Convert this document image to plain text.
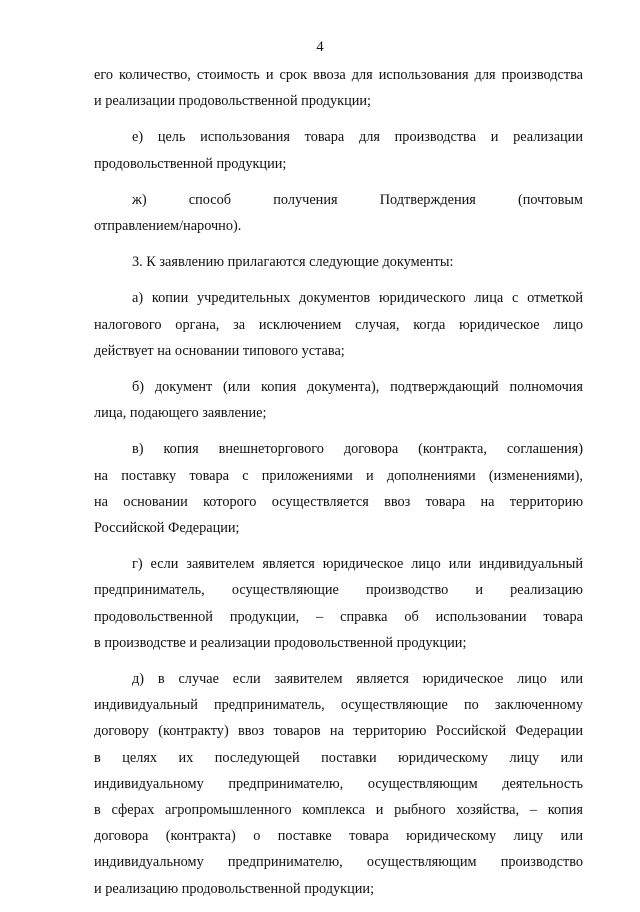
4
его количество, стоимость и срок ввоза для использования для производства
и реализации продовольственной продукции;
е) цель использования товара для производства и реализации
продовольственной продукции;
ж) способ получения Подтверждения (почтовым
отправлением/нарочно).
3. К заявлению прилагаются следующие документы:
а) копии учредительных документов юридического лица с отметкой
налогового органа, за исключением случая, когда юридическое лицо
действует на основании типового устава;
б) документ (или копия документа), подтверждающий полномочия
лица, подающего заявление;
в) копия внешнеторгового договора (контракта, соглашения)
на поставку товара с приложениями и дополнениями (изменениями),
на основании которого осуществляется ввоз товара на территорию
Российской Федерации;
г) если заявителем является юридическое лицо или индивидуальный
предприниматель, осуществляющие производство и реализацию
продовольственной продукции, – справка об использовании товара
в производстве и реализации продовольственной продукции;
д) в случае если заявителем является юридическое лицо или
индивидуальный предприниматель, осуществляющие по заключенному
договору (контракту) ввоз товаров на территорию Российской Федерации
в целях их последующей поставки юридическому лицу или
индивидуальному предпринимателю, осуществляющим деятельность
в сферах агропромышленного комплекса и рыбного хозяйства, – копия
договора (контракта) о поставке товара юридическому лицу или
индивидуальному предпринимателю, осуществляющим производство
и реализацию продовольственной продукции;
